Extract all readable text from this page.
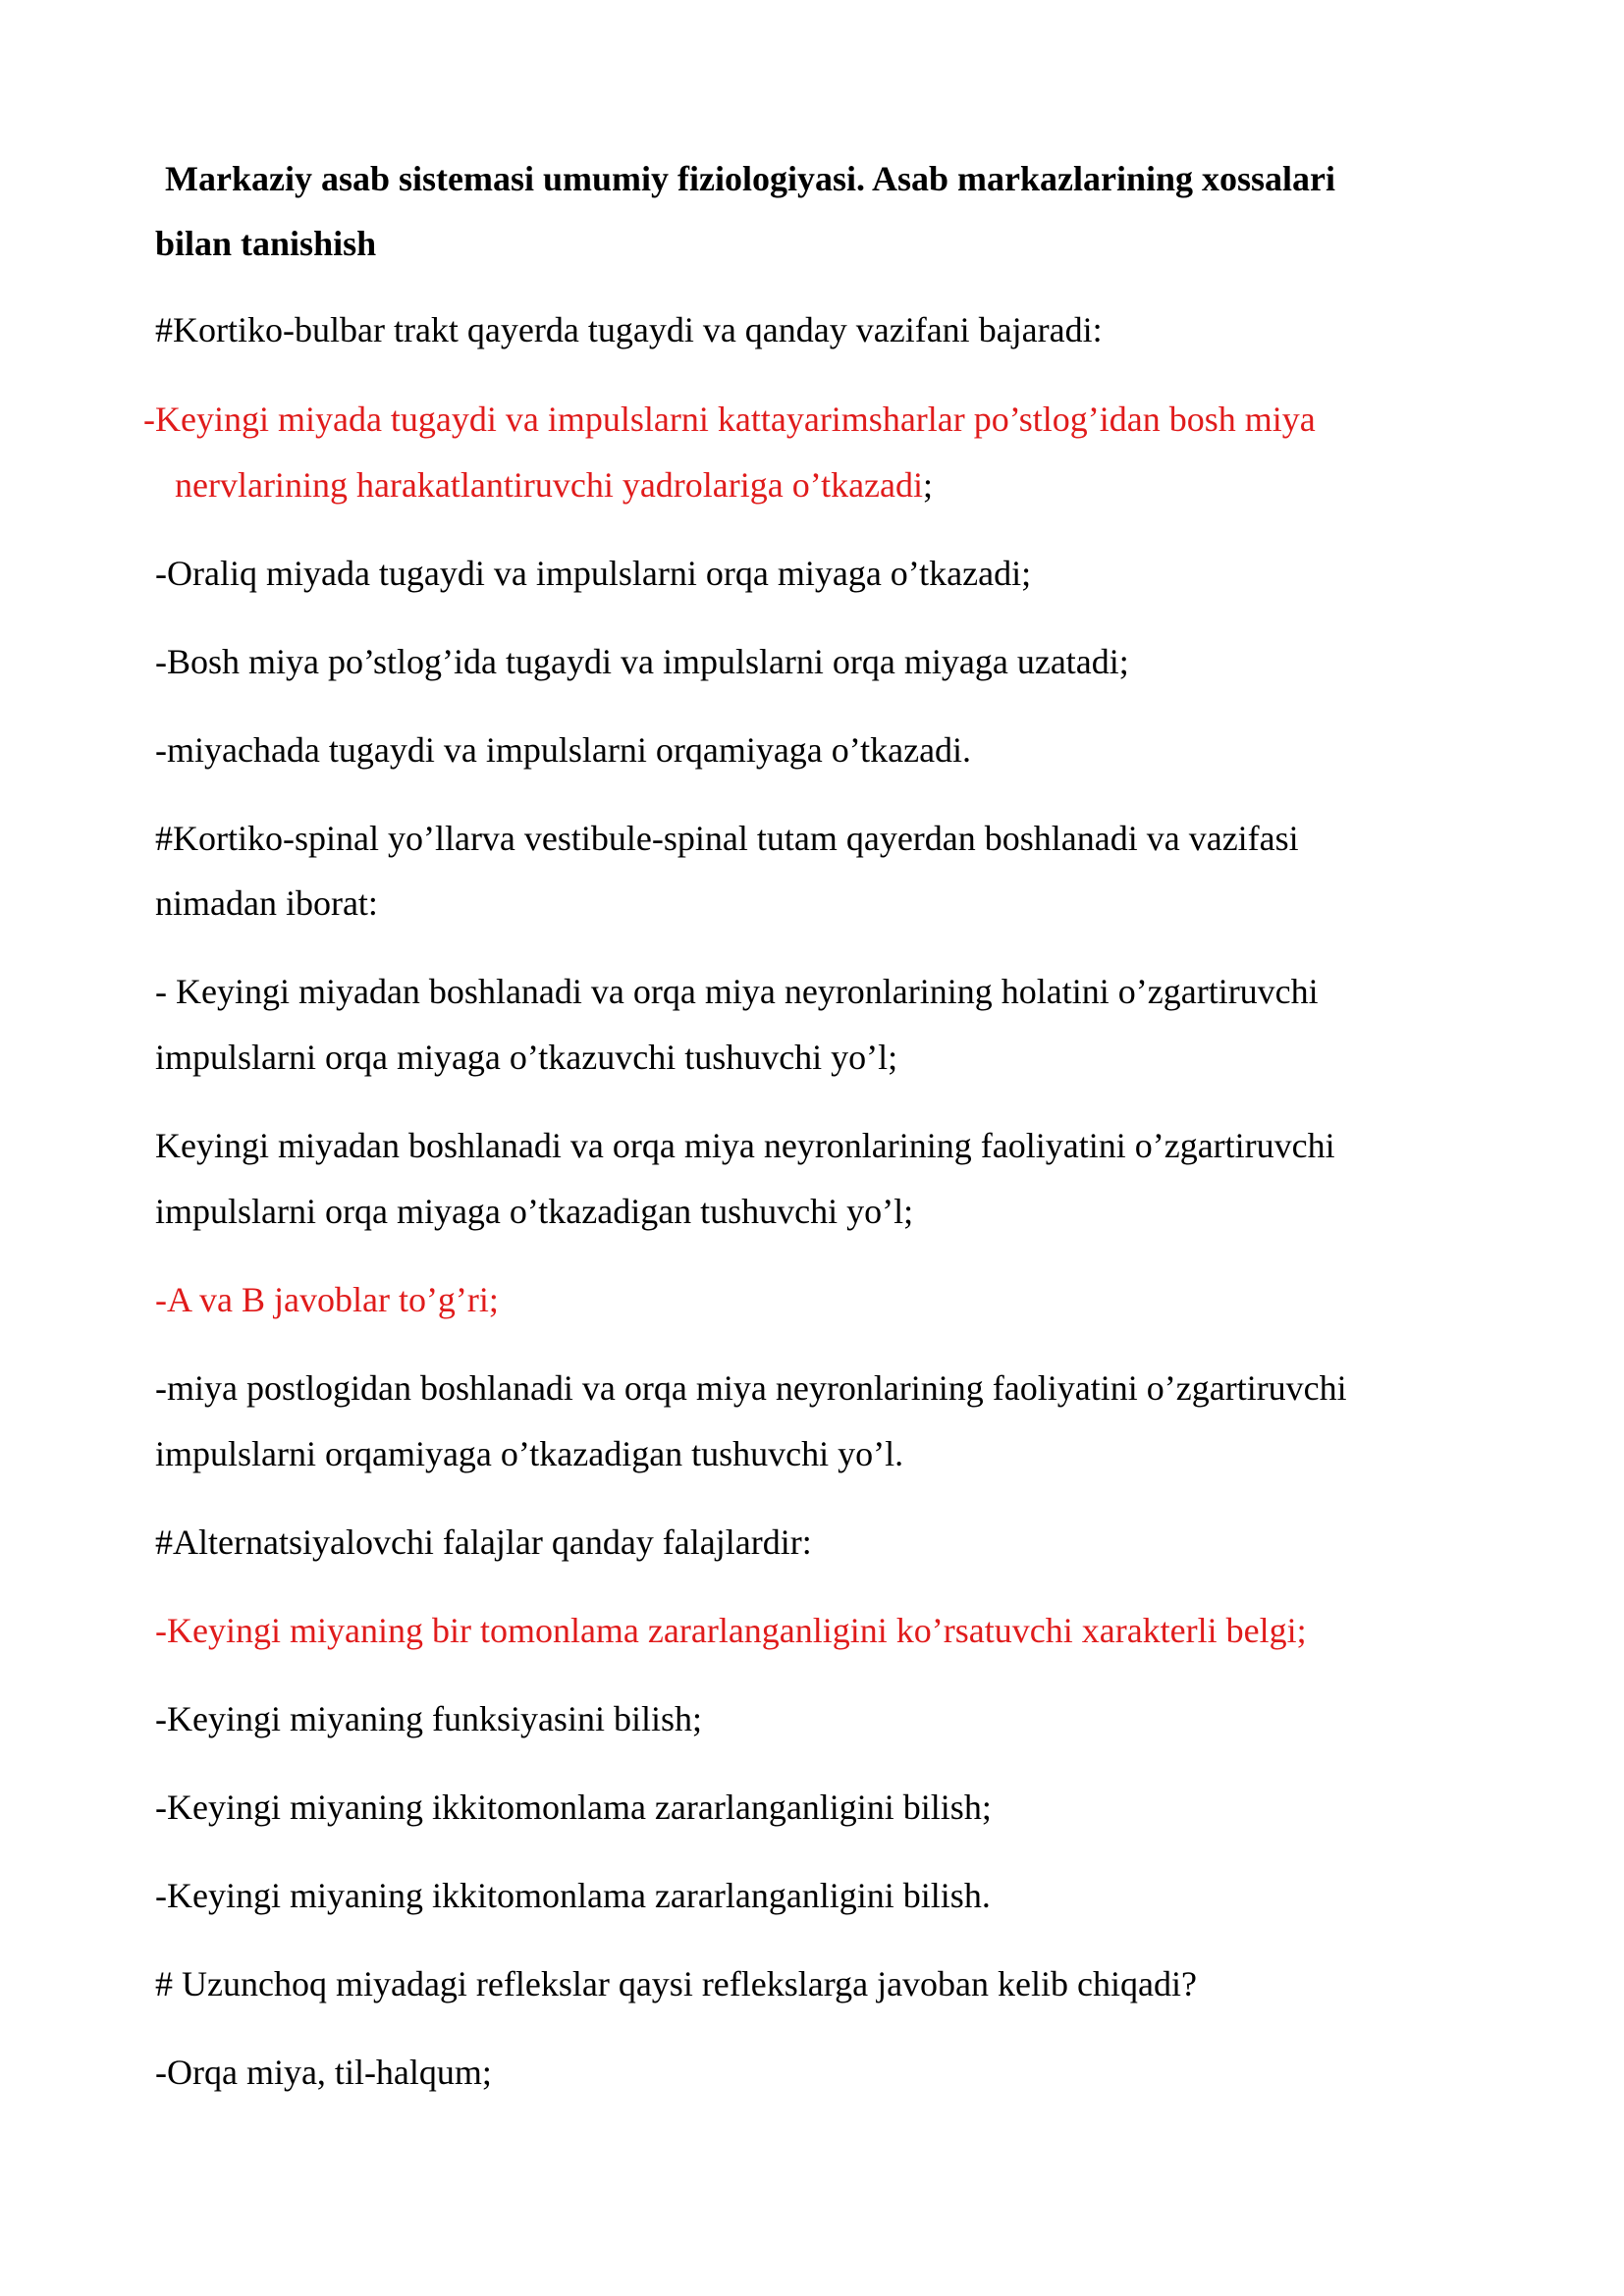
Markaziy asab sistemasi umumiy fiziologiyasi. Asab markazlarining xossalari

bilan tanishish

#Kortiko-bulbar trakt qayerda tugaydi va qanday vazifani bajaradi:

-Keyingi miyada tugaydi va impulslarni kattayarimsharlar po’stlog’idan bosh miya

nervlarining harakatlantiruvchi yadrolariga o’tkazadi;

-Oraliq miyada tugaydi va impulslarni orqa miyaga o’tkazadi;

-Bosh miya po’stlog’ida tugaydi va impulslarni orqa miyaga uzatadi;

-miyachada tugaydi va impulslarni orqamiyaga o’tkazadi.

#Kortiko-spinal yo’llarva vestibule-spinal tutam qayerdan boshlanadi va vazifasi

nimadan iborat:

- Keyingi miyadan boshlanadi va orqa miya neyronlarining holatini o’zgartiruvchi

impulslarni orqa miyaga o’tkazuvchi tushuvchi yo’l;

Keyingi miyadan boshlanadi va orqa miya neyronlarining faoliyatini o’zgartiruvchi

impulslarni orqa miyaga o’tkazadigan tushuvchi yo’l;

-A va B javoblar to’g’ri;

-miya postlogidan boshlanadi va orqa miya neyronlarining faoliyatini o’zgartiruvchi

impulslarni orqamiyaga o’tkazadigan tushuvchi yo’l.

#Alternatsiyalovchi falajlar qanday falajlardir:

-Keyingi miyaning bir tomonlama zararlanganligini ko’rsatuvchi xarakterli belgi;

-Keyingi miyaning funksiyasini bilish;

-Keyingi miyaning ikkitomonlama zararlanganligini bilish;

-Keyingi miyaning ikkitomonlama zararlanganligini bilish.

# Uzunchoq miyadagi reflekslar qaysi reflekslarga javoban kelib chiqadi?

-Orqa miya, til-halqum;
